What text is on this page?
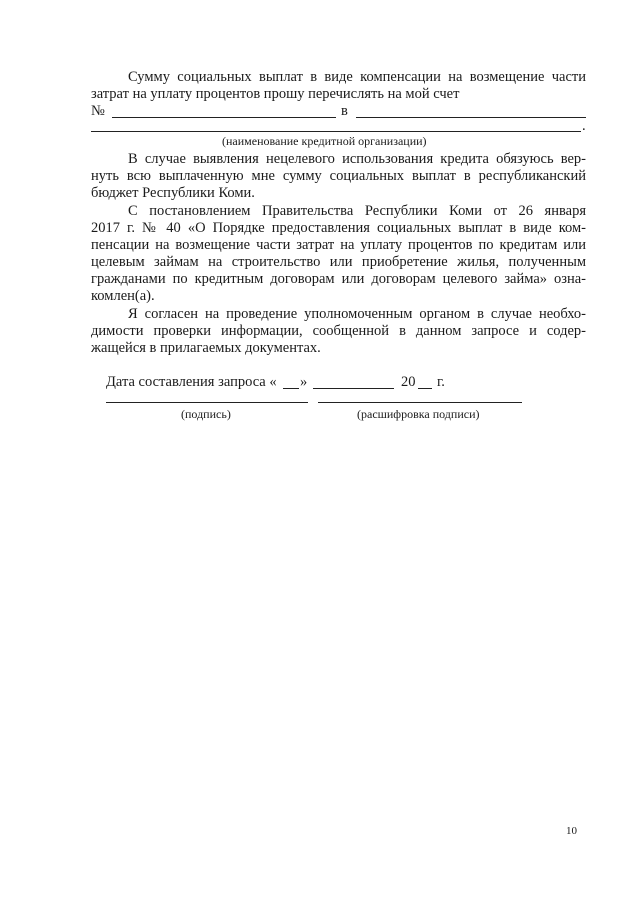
Сумму социальных выплат в виде компенсации на возмещение части
затрат на уплату процентов прошу перечислять на мой счет
№	в
.
(наименование кредитной организации)
В случае выявления нецелевого использования кредита обязуюсь вер-
нуть всю выплаченную мне сумму социальных выплат в республиканский
бюджет Республики Коми.
С постановлением Правительства Республики Коми от 26 января
2017 г. № 40 «О Порядке предоставления социальных выплат в виде ком-
пенсации на возмещение части затрат на уплату процентов по кредитам или
целевым займам на строительство или приобретение жилья, полученным
гражданами по кредитным договорам или договорам целевого займа» озна-
комлен(а).
Я согласен на проведение уполномоченным органом в случае необхо-
димости проверки информации, сообщенной в данном запросе и содер-
жащейся в прилагаемых документах.
Дата составления запроса « »	20 г.
(подпись)	(расшифровка подписи)
10
